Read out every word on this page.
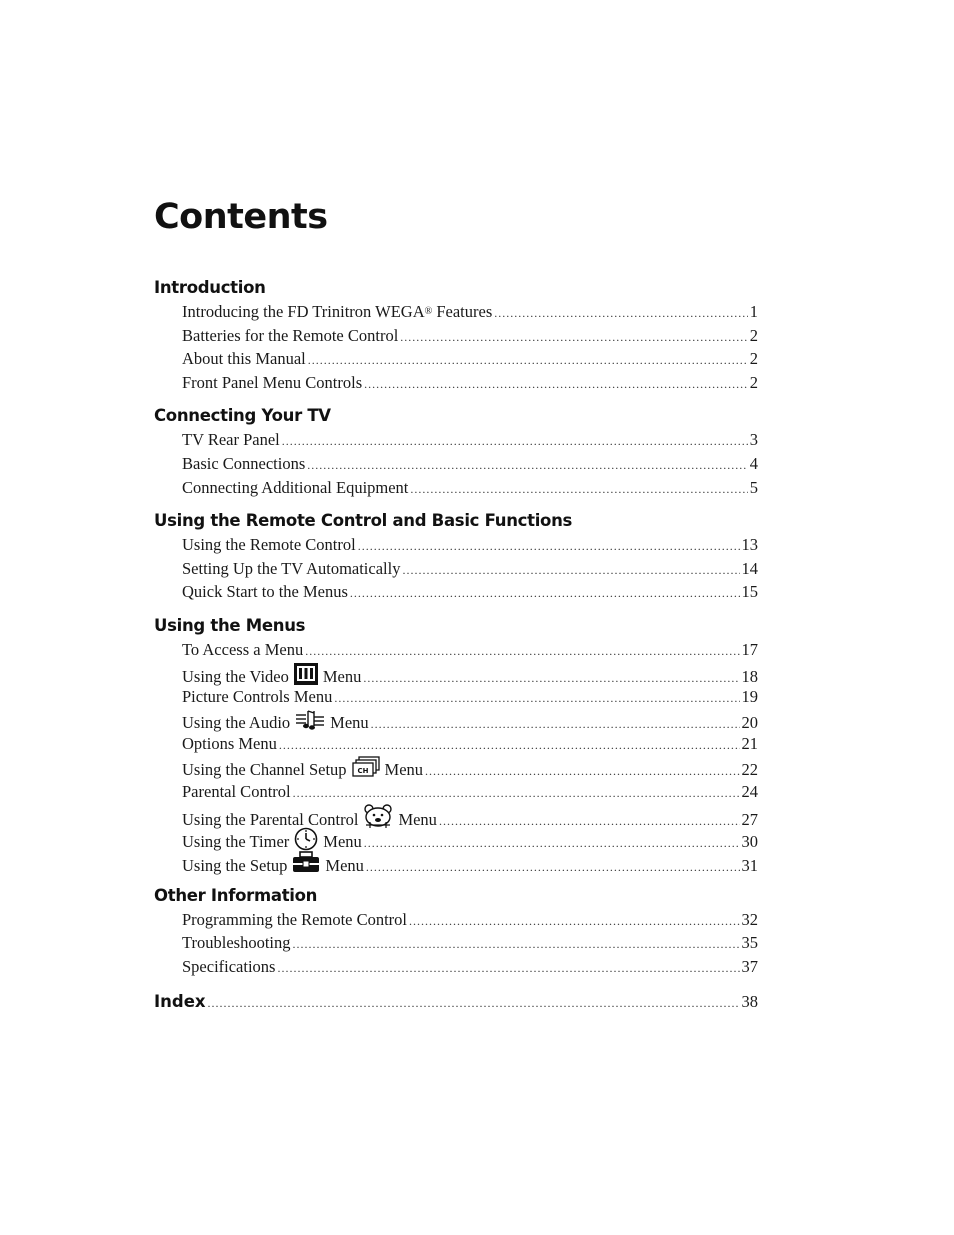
Contents
Introduction
Introducing the FD Trinitron WEGA ® Features .....	1
Batteries for the Remote Control .....	2
About this Manual .....	2
Front Panel Menu Controls .....	2
Connecting Your TV
TV Rear Panel .....	3
Basic Connections .....	4
Connecting Additional Equipment .....	5
Using the Remote Control and Basic Functions
Using the Remote Control .....	13
Setting Up the TV Automatically .....	14
Quick Start to the Menus .....	15
Using the Menus
To Access a Menu .....	17
Using the Video Menu .....	18
Picture Controls Menu .....	19
Using the Audio Menu .....	20
Options Menu .....	21
Using the Channel Setup CH Menu .....	22
Parental Control .....	24
Using the Parental Control Menu .....	27
Using the Timer Menu .....	30
Using the Setup Menu .....	31
Other Information
Programming the Remote Control .....	32
Troubleshooting .....	35
Specifications .....	37
Index .....	38
